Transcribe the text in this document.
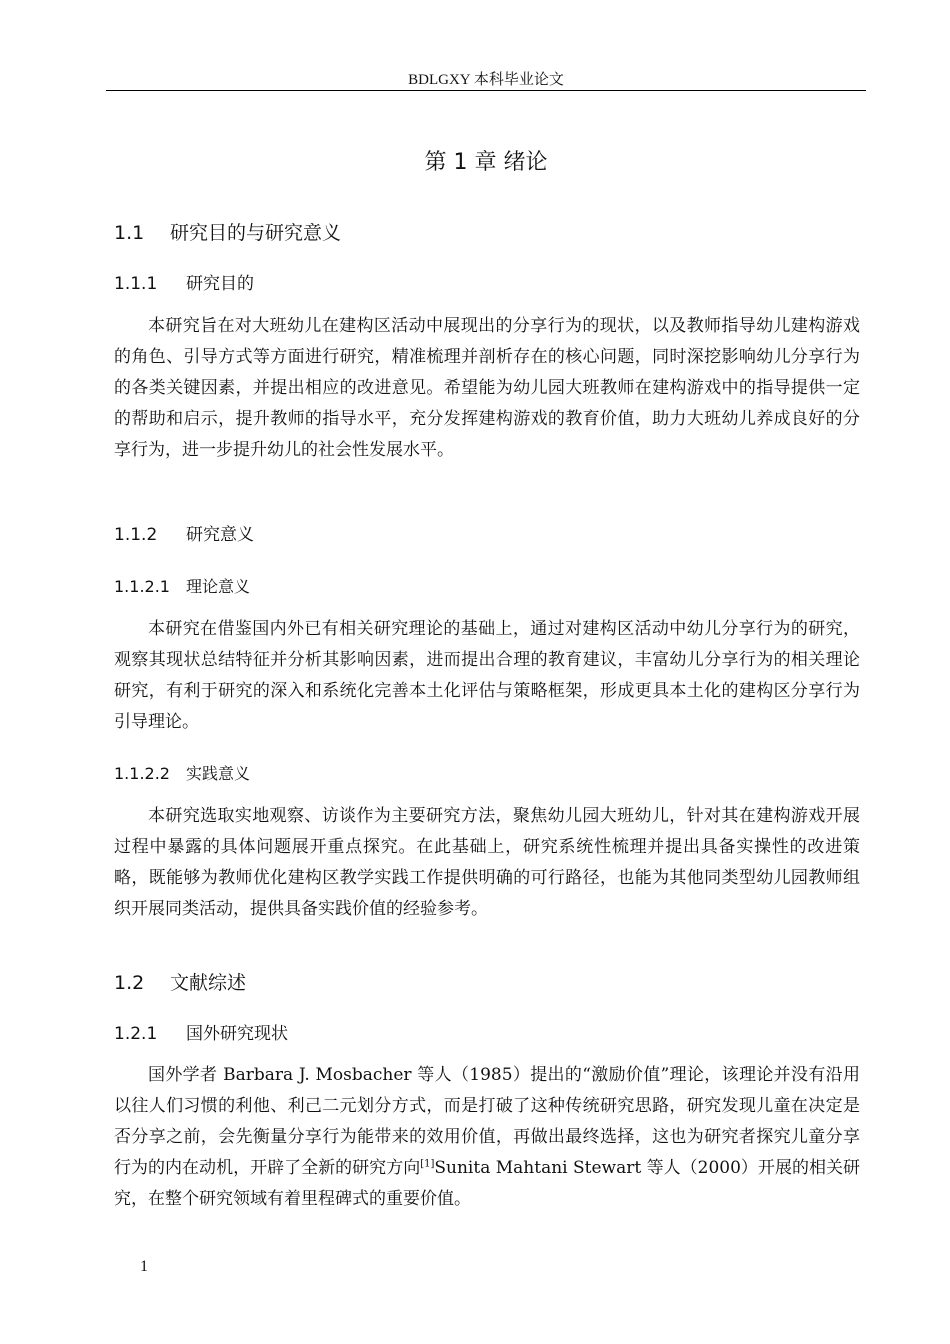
BDLGXY 本科毕业论文
第 1 章 绪论
1.1 研究目的与研究意义
1.1.1 研究目的

本研究旨在对大班幼儿在建构区活动中展现出的分享行为的现状，以及教师指导幼儿建构游戏的角色、引导方式等方面进行研究，精准梳理并剖析存在的核心问题，同时深挖影响幼儿分享行为的各类关键因素，并提出相应的改进意见。希望能为幼儿园大班教师在建构游戏中的指导提供一定的帮助和启示，提升教师的指导水平，充分发挥建构游戏的教育价值，助力大班幼儿养成良好的分享行为，进一步提升幼儿的社会性发展水平。

1.1.2 研究意义
1.1.2.1 理论意义

本研究在借鉴国内外已有相关研究理论的基础上，通过对建构区活动中幼儿分享行为的研究，观察其现状总结特征并分析其影响因素，进而提出合理的教育建议，丰富幼儿分享行为的相关理论研究，有利于研究的深入和系统化完善本土化评估与策略框架，形成更具本土化的建构区分享行为引导理论。

1.1.2.2 实践意义

本研究选取实地观察、访谈作为主要研究方法，聚焦幼儿园大班幼儿，针对其在建构游戏开展过程中暴露的具体问题展开重点探究。在此基础上，研究系统性梳理并提出具备实操性的改进策略，既能够为教师优化建构区教学实践工作提供明确的可行路径，也能为其他同类型幼儿园教师组织开展同类活动，提供具备实践价值的经验参考。

1.2 文献综述
1.2.1 国外研究现状

国外学者 Barbara J. Mosbacher 等人（1985）提出的“激励价值”理论，该理论并没有沿用以往人们习惯的利他、利己二元划分方式，而是打破了这种传统研究思路，研究发现儿童在决定是否分享之前，会先衡量分享行为能带来的效用价值，再做出最终选择，这也为研究者探究儿童分享行为的内在动机，开辟了全新的研究方向[1]Sunita Mahtani Stewart 等人（2000）开展的相关研究，在整个研究领域有着里程碑式的重要价值。

1
